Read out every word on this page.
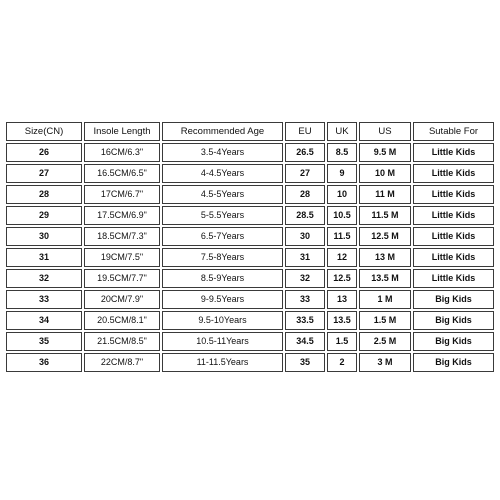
Size(CN)	Insole Length	Recommended Age	EU	UK	US	Sutable For
26	16CM/6.3"	3.5-4Years	26.5	8.5	9.5 M	Little Kids
27	16.5CM/6.5"	4-4.5Years	27	9	10 M	Little Kids
28	17CM/6.7"	4.5-5Years	28	10	11 M	Little Kids
29	17.5CM/6.9"	5-5.5Years	28.5	10.5	11.5 M	Little Kids
30	18.5CM/7.3"	6.5-7Years	30	11.5	12.5 M	Little Kids
31	19CM/7.5"	7.5-8Years	31	12	13 M	Little Kids
32	19.5CM/7.7"	8.5-9Years	32	12.5	13.5 M	Little Kids
33	20CM/7.9"	9-9.5Years	33	13	1 M	Big Kids
34	20.5CM/8.1"	9.5-10Years	33.5	13.5	1.5 M	Big Kids
35	21.5CM/8.5"	10.5-11Years	34.5	1.5	2.5 M	Big Kids
36	22CM/8.7"	11-11.5Years	35	2	3 M	Big Kids
